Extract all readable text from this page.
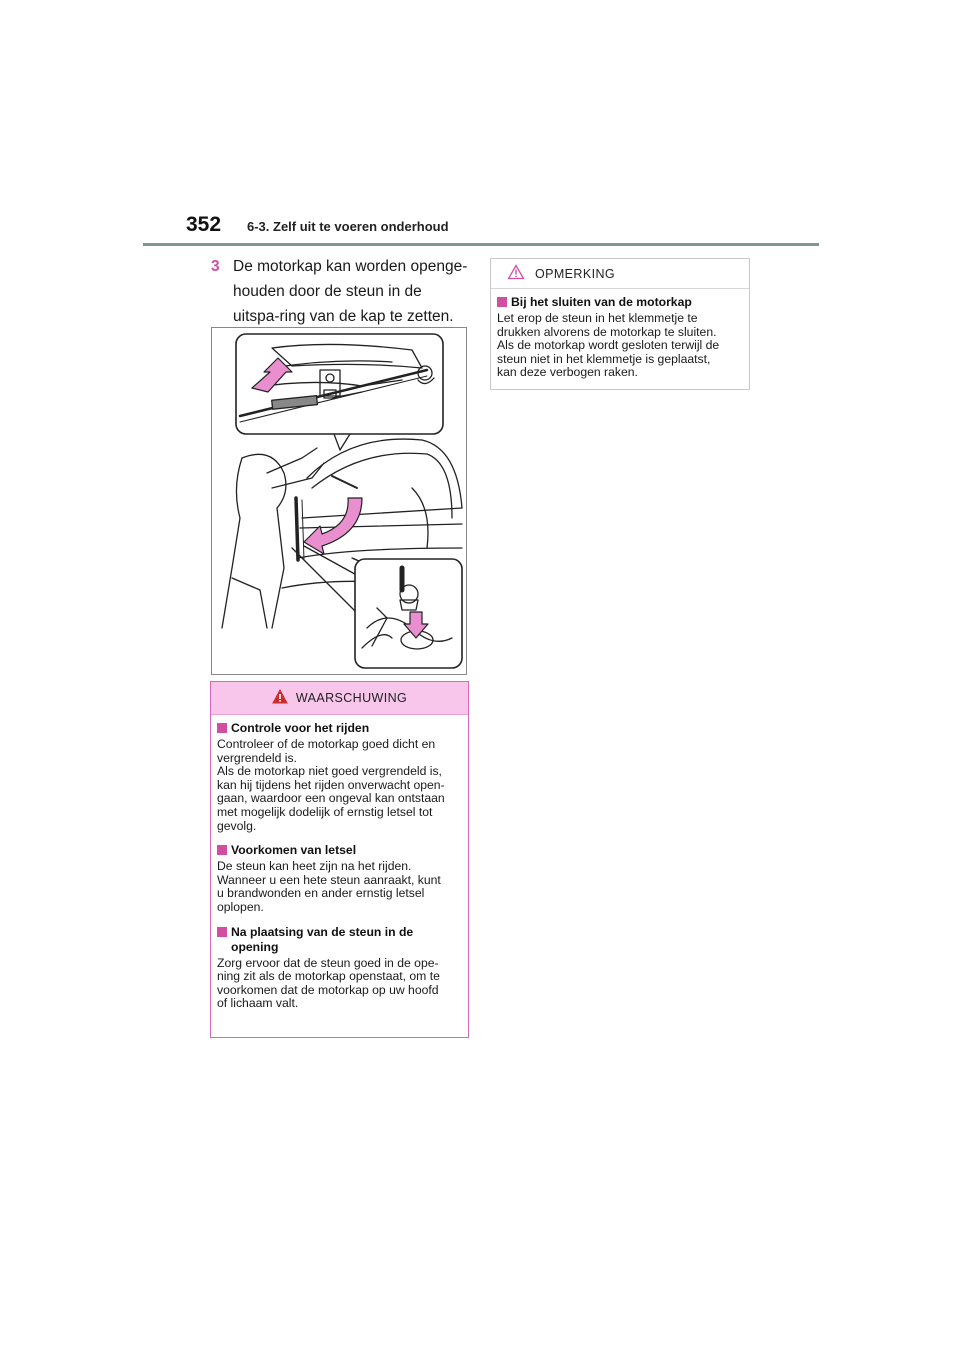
352 6-3. Zelf uit te voeren onderhoud
3 De motorkap kan worden openge-houden door de steun in de uitspa-ring van de kap te zetten.
WAARSCHUWING
Controle voor het rijden
Controleer of de motorkap goed dicht en
vergrendeld is.
Als de motorkap niet goed vergrendeld is,
kan hij tijdens het rijden onverwacht open-
gaan, waardoor een ongeval kan ontstaan
met mogelijk dodelijk of ernstig letsel tot
gevolg.
Voorkomen van letsel
De steun kan heet zijn na het rijden.
Wanneer u een hete steun aanraakt, kunt
u brandwonden en ander ernstig letsel
oplopen.
Na plaatsing van de steun in de
opening
Zorg ervoor dat de steun goed in de ope-
ning zit als de motorkap openstaat, om te
voorkomen dat de motorkap op uw hoofd
of lichaam valt.
OPMERKING
Bij het sluiten van de motorkap
Let erop de steun in het klemmetje te
drukken alvorens de motorkap te sluiten.
Als de motorkap wordt gesloten terwijl de
steun niet in het klemmetje is geplaatst,
kan deze verbogen raken.
